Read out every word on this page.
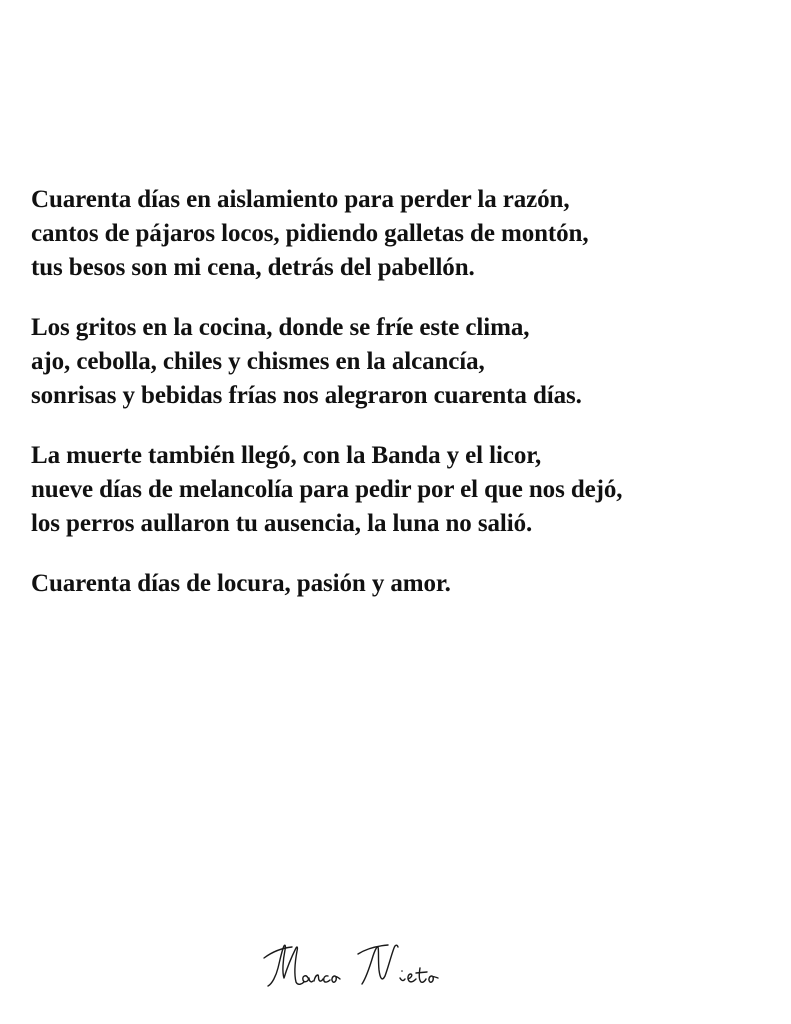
Cuarenta días en aislamiento para perder la razón,
cantos de pájaros locos, pidiendo galletas de montón,
tus besos son mi cena, detrás del pabellón.
Los gritos en la cocina, donde se fríe este clima,
ajo, cebolla, chiles y chismes en la alcancía,
sonrisas y bebidas frías nos alegraron cuarenta días.
La muerte también llegó, con la Banda y el licor,
nueve días de melancolía para pedir por el que nos dejó,
los perros aullaron tu ausencia, la luna no salió.
Cuarenta días de locura, pasión y amor.
